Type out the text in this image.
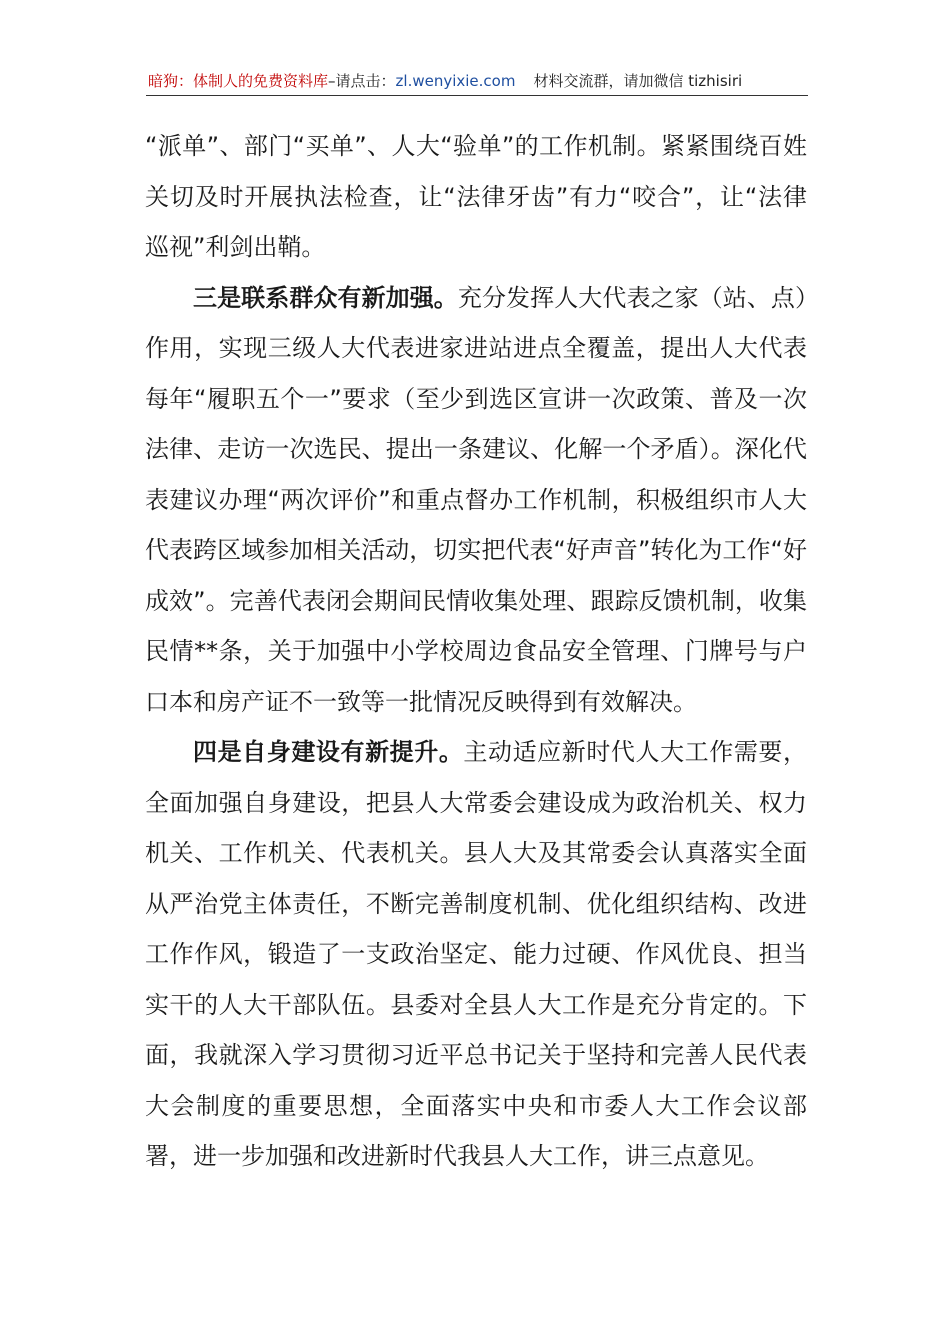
暗狗：体制人的免费资料库–请点击：zl.wenyixie.com 材料交流群，请加微信 tizhisiri

“派单”、部门“买单”、人大“验单”的工作机制。紧紧围绕百姓关切及时开展执法检查，让“法律牙齿”有力“咬合”，让“法律巡视”利剑出鞘。

三是联系群众有新加强。充分发挥人大代表之家（站、点）作用，实现三级人大代表进家进站进点全覆盖，提出人大代表每年“履职五个一”要求（至少到选区宣讲一次政策、普及一次法律、走访一次选民、提出一条建议、化解一个矛盾）。深化代表建议办理“两次评价”和重点督办工作机制，积极组织市人大代表跨区域参加相关活动，切实把代表“好声音”转化为工作“好成效”。完善代表闭会期间民情收集处理、跟踪反馈机制，收集民情**条，关于加强中小学校周边食品安全管理、门牌号与户口本和房产证不一致等一批情况反映得到有效解决。

四是自身建设有新提升。主动适应新时代人大工作需要，全面加强自身建设，把县人大常委会建设成为政治机关、权力机关、工作机关、代表机关。县人大及其常委会认真落实全面从严治党主体责任，不断完善制度机制、优化组织结构、改进工作作风，锻造了一支政治坚定、能力过硬、作风优良、担当实干的人大干部队伍。县委对全县人大工作是充分肯定的。下面，我就深入学习贯彻习近平总书记关于坚持和完善人民代表大会制度的重要思想，全面落实中央和市委人大工作会议部署，进一步加强和改进新时代我县人大工作，讲三点意见。
